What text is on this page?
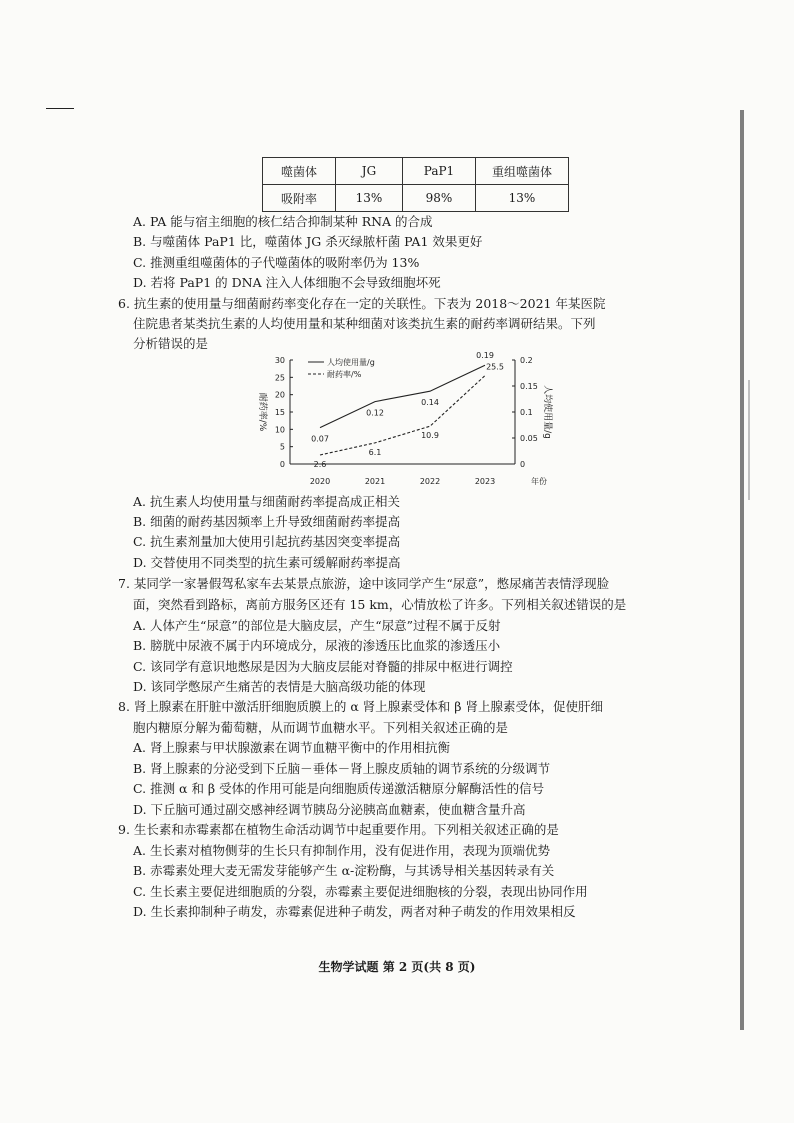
噬菌体	JG	PaP1	重组噬菌体
吸附率	13%	98%	13%
A. PA 能与宿主细胞的核仁结合抑制某种 RNA 的合成
B. 与噬菌体 PaP1 比，噬菌体 JG 杀灭绿脓杆菌 PA1 效果更好
C. 推测重组噬菌体的子代噬菌体的吸附率仍为 13%
D. 若将 PaP1 的 DNA 注入人体细胞不会导致细胞坏死
6. 抗生素的使用量与细菌耐药率变化存在一定的关联性。下表为 2018～2021 年某医院
住院患者某类抗生素的人均使用量和某种细菌对该类抗生素的耐药率调研结果。下列
分析错误的是
0
5
10
15
20
25
30
0
0.05
0.1
0.15
0.2
2020	2021	2022	2023	年份
耐药率/%	人均使用量/g
人均使用量/g
耐药率/%
0.07
0.12
0.14
0.19
2.6
6.1
10.9
25.5
A. 抗生素人均使用量与细菌耐药率提高成正相关
B. 细菌的耐药基因频率上升导致细菌耐药率提高
C. 抗生素剂量加大使用引起抗药基因突变率提高
D. 交替使用不同类型的抗生素可缓解耐药率提高
7. 某同学一家暑假驾私家车去某景点旅游，途中该同学产生“尿意”，憋尿痛苦表情浮现脸
面，突然看到路标，离前方服务区还有 15 km，心情放松了许多。下列相关叙述错误的是
A. 人体产生“尿意”的部位是大脑皮层，产生“尿意”过程不属于反射
B. 膀胱中尿液不属于内环境成分，尿液的渗透压比血浆的渗透压小
C. 该同学有意识地憋尿是因为大脑皮层能对脊髓的排尿中枢进行调控
D. 该同学憋尿产生痛苦的表情是大脑高级功能的体现
8. 肾上腺素在肝脏中激活肝细胞质膜上的 α 肾上腺素受体和 β 肾上腺素受体，促使肝细
胞内糖原分解为葡萄糖，从而调节血糖水平。下列相关叙述正确的是
A. 肾上腺素与甲状腺激素在调节血糖平衡中的作用相抗衡
B. 肾上腺素的分泌受到下丘脑－垂体－肾上腺皮质轴的调节系统的分级调节
C. 推测 α 和 β 受体的作用可能是向细胞质传递激活糖原分解酶活性的信号
D. 下丘脑可通过副交感神经调节胰岛分泌胰高血糖素，使血糖含量升高
9. 生长素和赤霉素都在植物生命活动调节中起重要作用。下列相关叙述正确的是
A. 生长素对植物侧芽的生长只有抑制作用，没有促进作用，表现为顶端优势
B. 赤霉素处理大麦无需发芽能够产生 α-淀粉酶，与其诱导相关基因转录有关
C. 生长素主要促进细胞质的分裂，赤霉素主要促进细胞核的分裂，表现出协同作用
D. 生长素抑制种子萌发，赤霉素促进种子萌发，两者对种子萌发的作用效果相反
生物学试题 第 2 页(共 8 页)
